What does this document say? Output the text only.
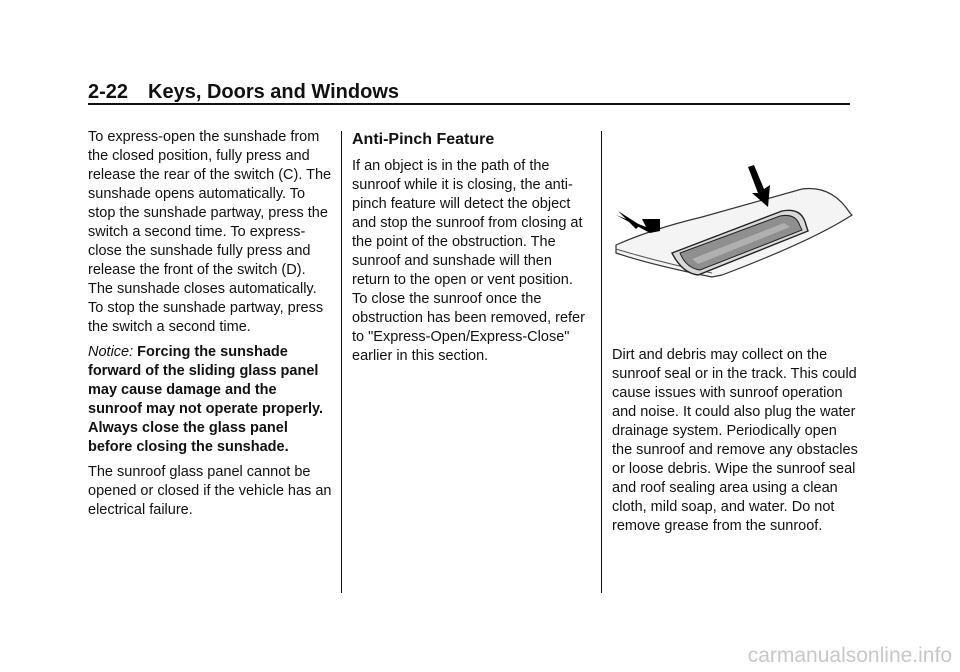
2-22 Keys, Doors and Windows

To express-open the sunshade from the closed position, fully press and release the rear of the switch (C). The sunshade opens automatically. To stop the sunshade partway, press the switch a second time. To express-close the sunshade fully press and release the front of the switch (D). The sunshade closes automatically. To stop the sunshade partway, press the switch a second time.

Notice: Forcing the sunshade forward of the sliding glass panel may cause damage and the sunroof may not operate properly. Always close the glass panel before closing the sunshade.

The sunroof glass panel cannot be opened or closed if the vehicle has an electrical failure.

Anti-Pinch Feature

If an object is in the path of the sunroof while it is closing, the anti-pinch feature will detect the object and stop the sunroof from closing at the point of the obstruction. The sunroof and sunshade will then return to the open or vent position. To close the sunroof once the obstruction has been removed, refer to "Express-Open/Express-Close" earlier in this section.	Dirt and debris may collect on the sunroof seal or in the track. This could cause issues with sunroof operation and noise. It could also plug the water drainage system. Periodically open the sunroof and remove any obstacles or loose debris. Wipe the sunroof seal and roof sealing area using a clean cloth, mild soap, and water. Do not remove grease from the sunroof.

carmanualsonline.info
